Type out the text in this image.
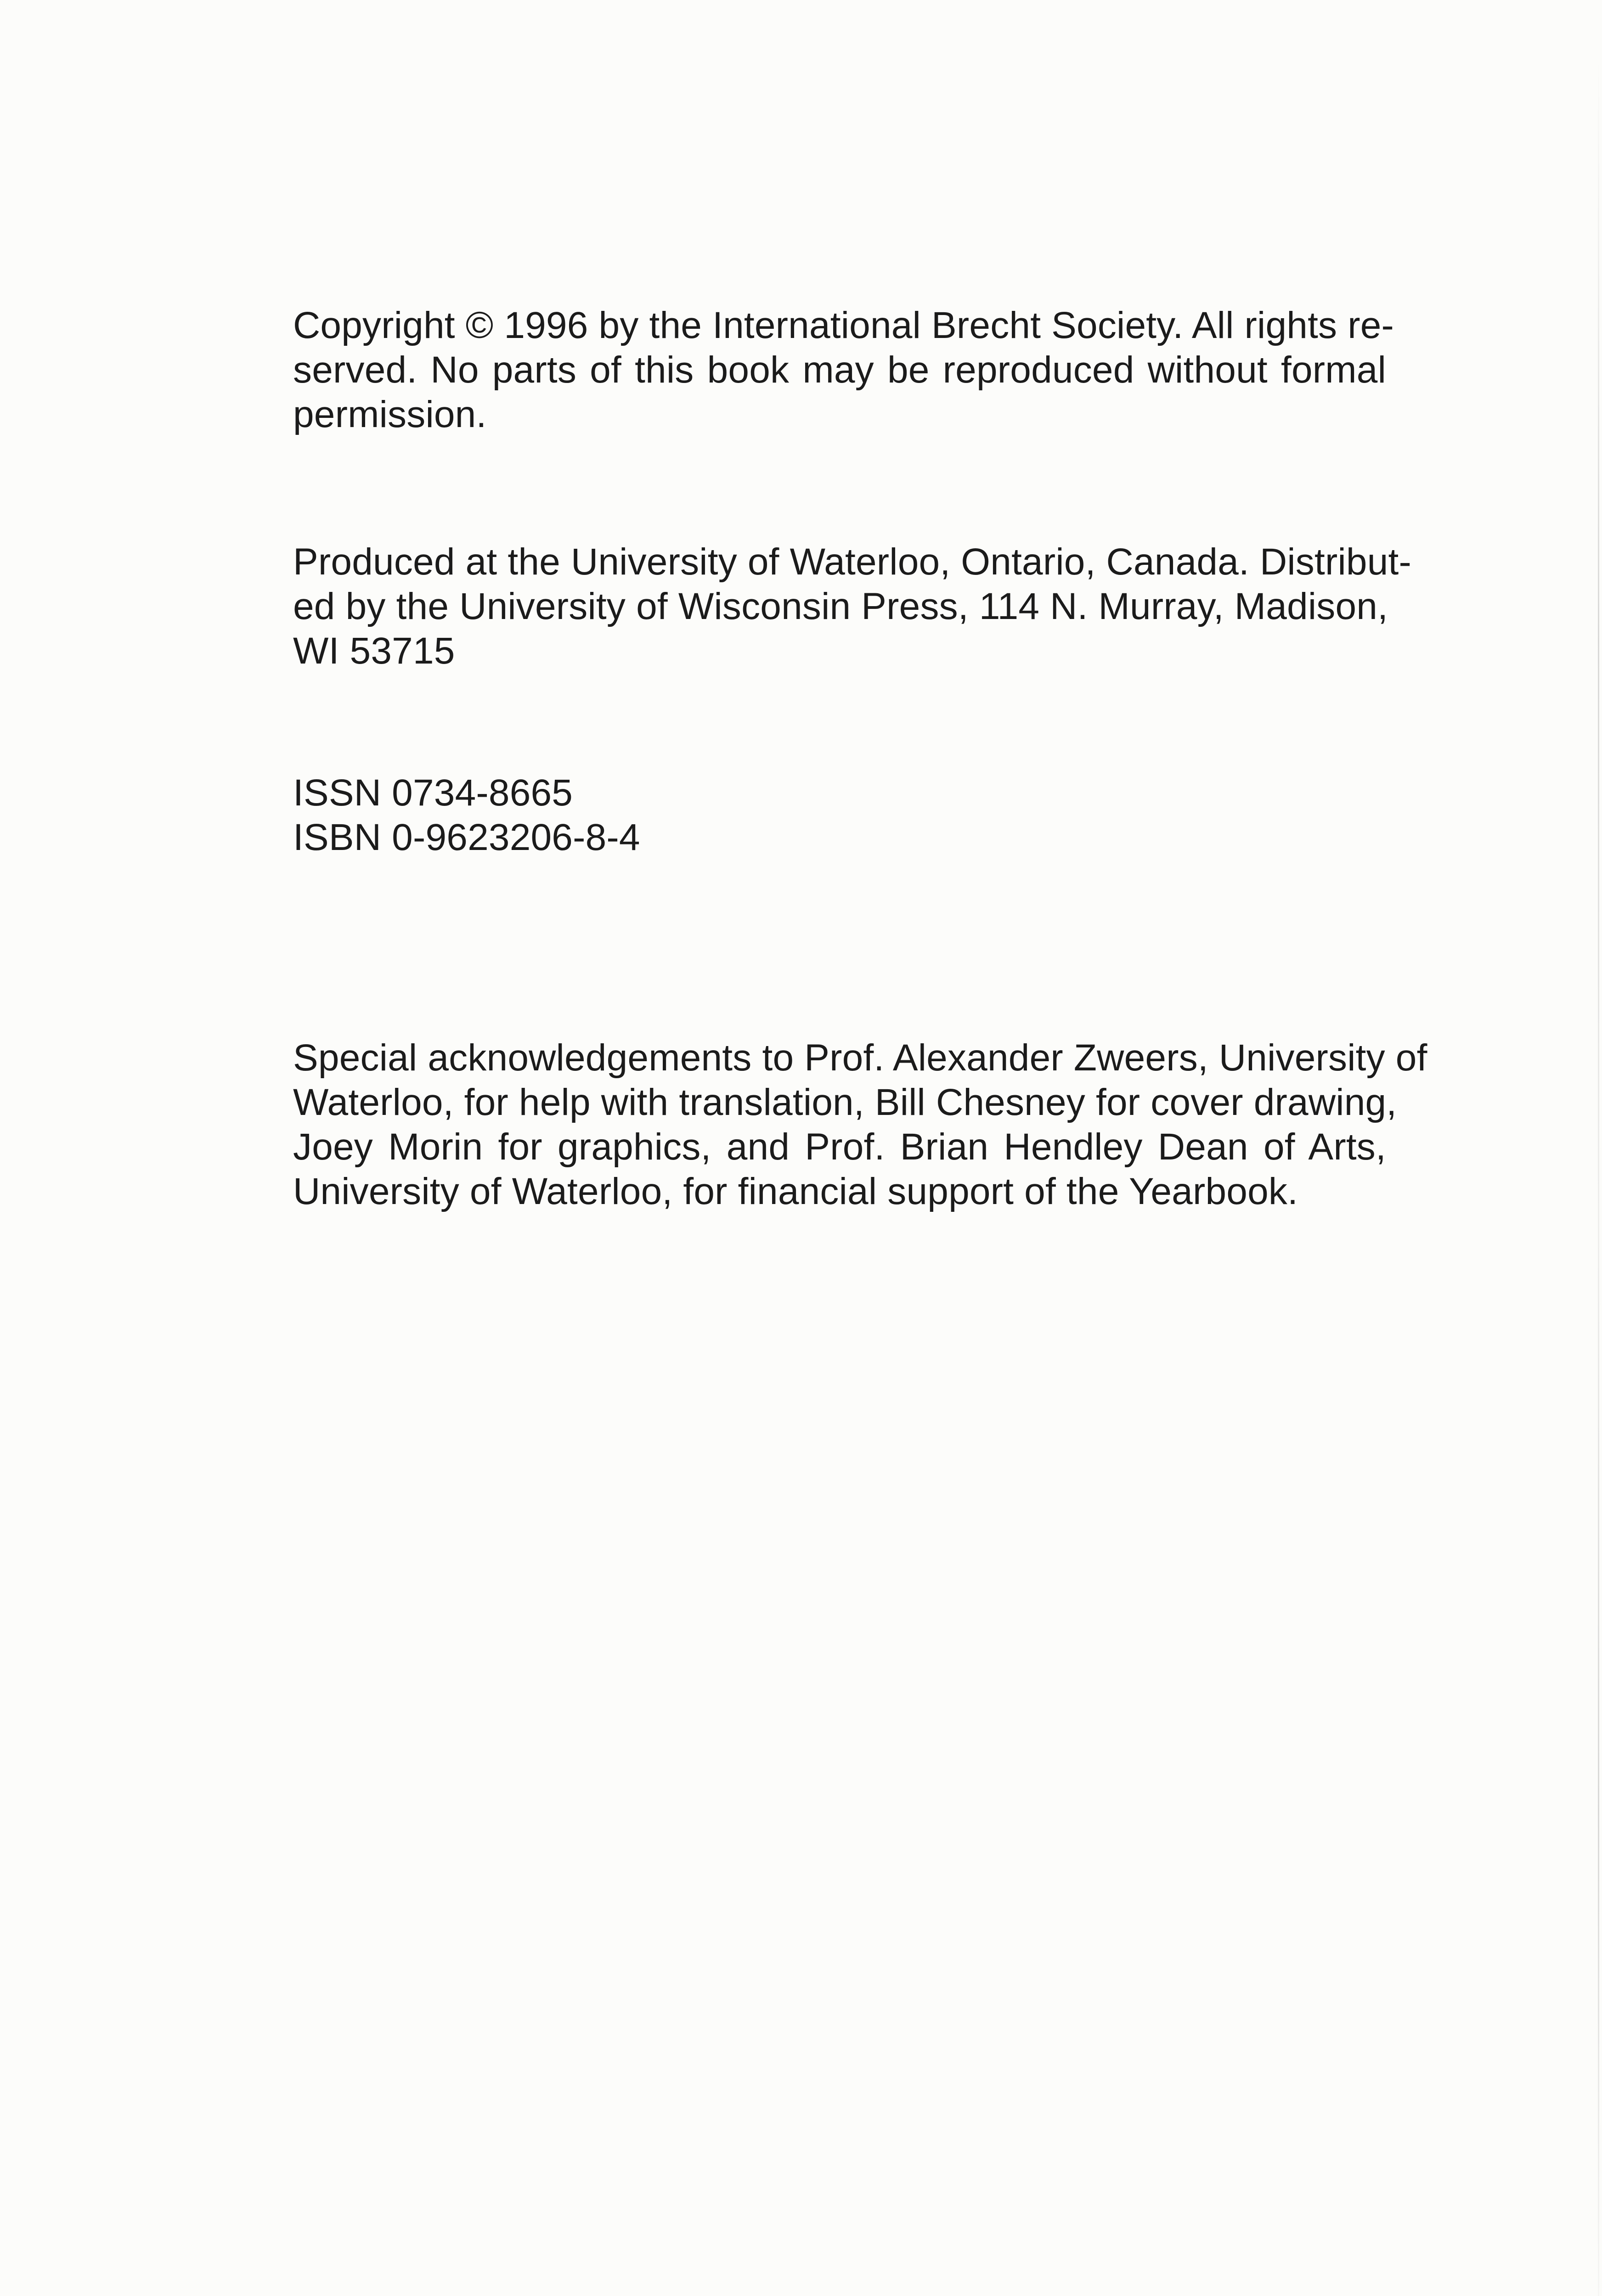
Copyright © 1996 by the International Brecht Society. All rights re-
served. No parts of this book may be reproduced without formal
permission.
Produced at the University of Waterloo, Ontario, Canada. Distribut-
ed by the University of Wisconsin Press, 114 N. Murray, Madison,
WI 53715
ISSN 0734-8665
ISBN 0-9623206-8-4
Special acknowledgements to Prof. Alexander Zweers, University of
Waterloo, for help with translation, Bill Chesney for cover drawing,
Joey Morin for graphics, and Prof. Brian Hendley Dean of Arts,
University of Waterloo, for financial support of the Yearbook.
